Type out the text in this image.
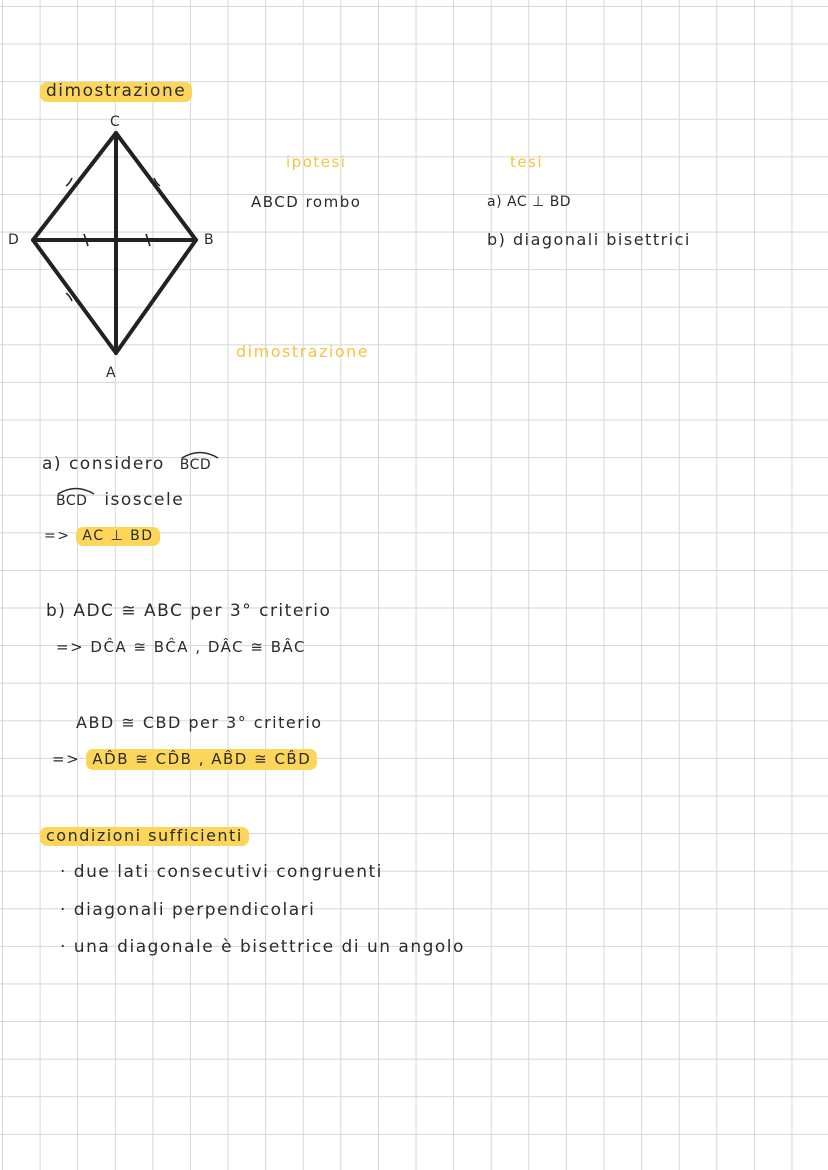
dimostrazione
C
B
D
A
ipotesi
ABCD rombo
tesi
a) AC ⊥ BD
b) diagonali bisettrici
dimostrazione
a) considero BCD
BCD isoscele
=> AC ⊥ BD
b) ADC ≅ ABC per 3° criterio
=> DĈA ≅ BĈA , DÂC ≅ BÂC
ABD ≅ CBD per 3° criterio
=> AD̂B ≅ CD̂B , AB̂D ≅ CB̂D
condizioni sufficienti
· due lati consecutivi congruenti
· diagonali perpendicolari
· una diagonale è bisettrice di un angolo
